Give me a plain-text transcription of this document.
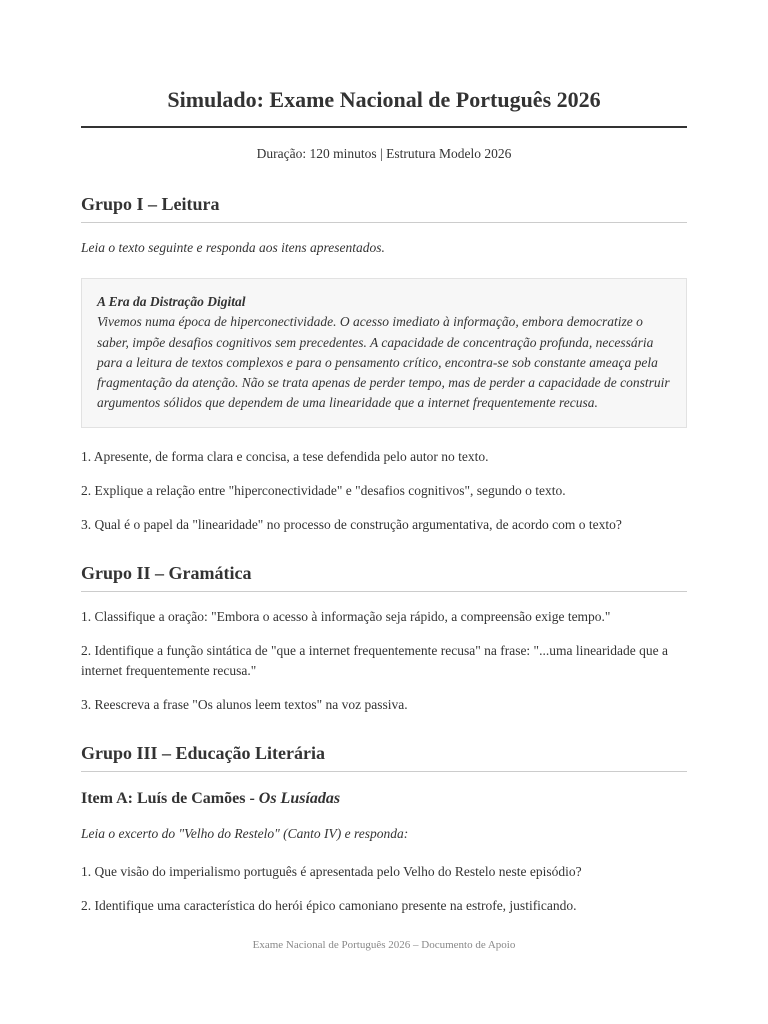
Simulado: Exame Nacional de Português 2026

Duração: 120 minutos | Estrutura Modelo 2026

Grupo I – Leitura

Leia o texto seguinte e responda aos itens apresentados.

A Era da Distração Digital
Vivemos numa época de hiperconectividade. O acesso imediato à informação, embora democratize o saber, impõe desafios cognitivos sem precedentes. A capacidade de concentração profunda, necessária para a leitura de textos complexos e para o pensamento crítico, encontra-se sob constante ameaça pela fragmentação da atenção. Não se trata apenas de perder tempo, mas de perder a capacidade de construir argumentos sólidos que dependem de uma linearidade que a internet frequentemente recusa.

1. Apresente, de forma clara e concisa, a tese defendida pelo autor no texto.

2. Explique a relação entre "hiperconectividade" e "desafios cognitivos", segundo o texto.

3. Qual é o papel da "linearidade" no processo de construção argumentativa, de acordo com o texto?

Grupo II – Gramática

1. Classifique a oração: "Embora o acesso à informação seja rápido, a compreensão exige tempo."

2. Identifique a função sintática de "que a internet frequentemente recusa" na frase: "...uma linearidade que a internet frequentemente recusa."

3. Reescreva a frase "Os alunos leem textos" na voz passiva.

Grupo III – Educação Literária
Item A: Luís de Camões - Os Lusíadas

Leia o excerto do "Velho do Restelo" (Canto IV) e responda:

1. Que visão do imperialismo português é apresentada pelo Velho do Restelo neste episódio?

2. Identifique uma característica do herói épico camoniano presente na estrofe, justificando.

Exame Nacional de Português 2026 – Documento de Apoio
